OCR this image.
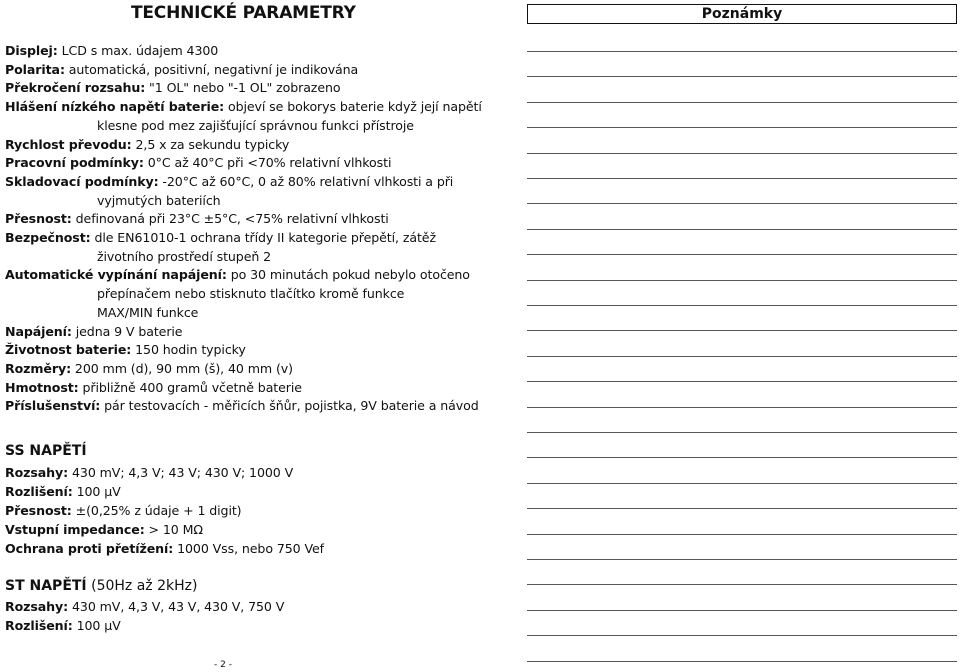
TECHNICKÉ PARAMETRY
Displej: LCD s max. údajem 4300
Polarita: automatická, positivní, negativní je indikována
Překročení rozsahu: "1 OL" nebo "-1 OL" zobrazeno
Hlášení nízkého napětí baterie: objeví se bokorys baterie když její napětí
klesne pod mez zajišťující správnou funkci přístroje
Rychlost převodu: 2,5 x za sekundu typicky
Pracovní podmínky: 0°C až 40°C při <70% relativní vlhkosti
Skladovací podmínky: -20°C až 60°C, 0 až 80% relativní vlhkosti a při
vyjmutých bateriích
Přesnost: definovaná při 23°C ±5°C, <75% relativní vlhkosti
Bezpečnost: dle EN61010-1 ochrana třídy II kategorie přepětí, zátěž
životního prostředí stupeň 2
Automatické vypínání napájení: po 30 minutách pokud nebylo otočeno
přepínačem nebo stisknuto tlačítko kromě funkce
MAX/MIN funkce
Napájení: jedna 9 V baterie
Životnost baterie: 150 hodin typicky
Rozměry: 200 mm (d), 90 mm (š), 40 mm (v)
Hmotnost: přibližně 400 gramů včetně baterie
Příslušenství: pár testovacích - měřicích šňůr, pojistka, 9V baterie a návod
SS NAPĚTÍ
Rozsahy: 430 mV; 4,3 V; 43 V; 430 V; 1000 V
Rozlišení: 100 µV
Přesnost: ±(0,25% z údaje + 1 digit)
Vstupní impedance: > 10 MΩ
Ochrana proti přetížení: 1000 Vss, nebo 750 Vef
ST NAPĚTÍ (50Hz až 2kHz)
Rozsahy: 430 mV, 4,3 V, 43 V, 430 V, 750 V
Rozlišení: 100 µV
- 2 -
Poznámky
